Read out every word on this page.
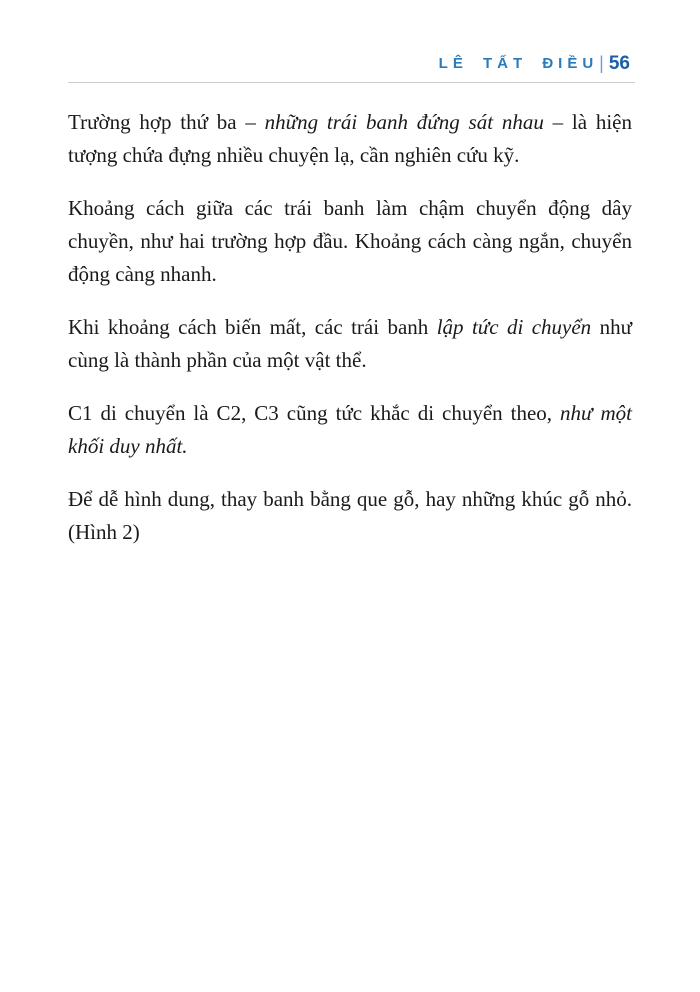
LÊ TẤT ĐIỀU| 56

Trường hợp thứ ba – những trái banh đứng sát nhau – là hiện tượng chứa đựng nhiều chuyện lạ, cần nghiên cứu kỹ.

Khoảng cách giữa các trái banh làm chậm chuyển động dây chuyền, như hai trường hợp đầu. Khoảng cách càng ngắn, chuyển động càng nhanh.

Khi khoảng cách biến mất, các trái banh lập tức di chuyển như cùng là thành phần của một vật thể.

C1 di chuyển là C2, C3 cũng tức khắc di chuyển theo, như một khối duy nhất.

Để dễ hình dung, thay banh bằng que gỗ, hay những khúc gỗ nhỏ. (Hình 2)
